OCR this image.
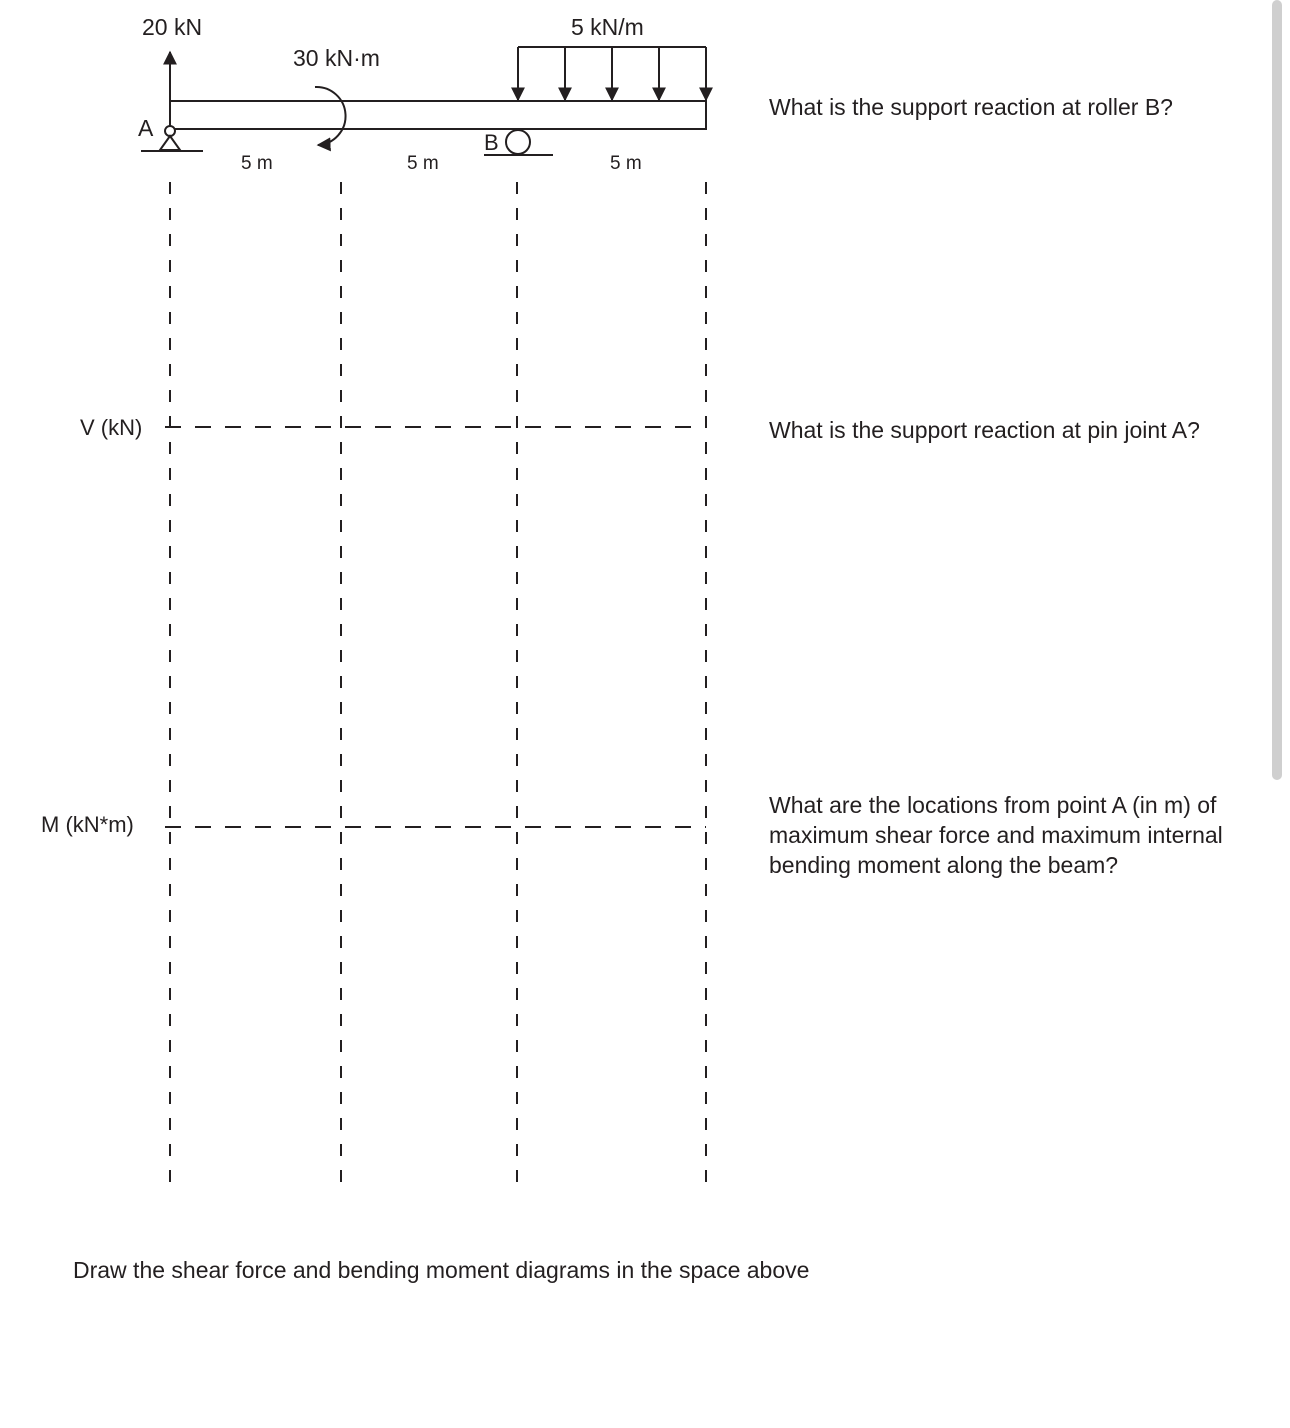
20 kN
30 kN·m
5 kN/m
A
B
5 m	5 m	5 m
V (kN)
M (kN*m)

What is the support reaction at roller B?

What is the support reaction at pin joint A?

What are the locations from point A (in m) of maximum shear force and maximum internal bending moment along the beam?

Draw the shear force and bending moment diagrams in the space above
